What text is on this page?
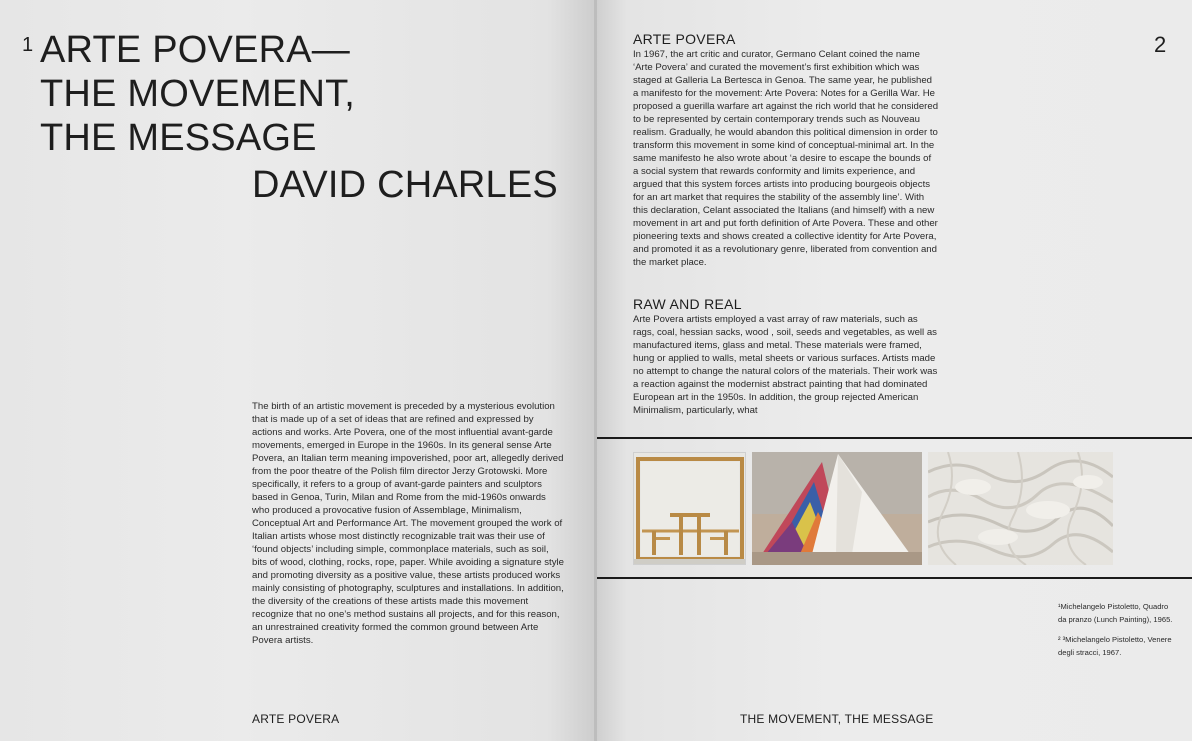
1 ARTE POVERA—
THE MOVEMENT,
THE MESSAGE
DAVID CHARLES

The birth of an artistic movement is preceded by a mysterious evolution that is made up of a set of ideas that are refined and expressed by actions and works. Arte Povera, one of the most influential avant-garde movements, emerged in Europe in the 1960s. In its general sense Arte Povera, an Italian term meaning impoverished, poor art, allegedly derived from the poor theatre of the Polish film director Jerzy Grotowski. More specifically, it refers to a group of avant-garde painters and sculptors based in Genoa, Turin, Milan and Rome from the mid-1960s onwards who produced a provocative fusion of Assemblage, Minimalism, Conceptual Art and Performance Art. The movement grouped the work of Italian artists whose most distinctly recognizable trait was their use of ‘found objects’ including simple, commonplace materials, such as soil, bits of wood, clothing, rocks, rope, paper. While avoiding a signature style and promoting diversity as a positive value, these artists produced works mainly consisting of photography, sculptures and installations. In addition, the diversity of the creations of these artists made this movement recognize that no one’s method sustains all projects, and for this reason, an unrestrained creativity formed the common ground between Arte Povera artists.

ARTE POVERA
2
ARTE POVERA

In 1967, the art critic and curator, Germano Celant coined the name ‘Arte Povera’ and curated the movement’s first exhibition which was staged at Galleria La Bertesca in Genoa. The same year, he published a manifesto for the movement: Arte Povera: Notes for a Gerilla War. He proposed a guerilla warfare art against the rich world that he considered to be represented by certain contemporary trends such as Nouveau realism. Gradually, he would abandon this political dimension in order to transform this movement in some kind of conceptual-minimal art. In the same manifesto he also wrote about ‘a desire to escape the bounds of a social system that rewards conformity and limits experience, and argued that this system forces artists into producing bourgeois objects for an art market that requires the stability of the assembly line’. With this declaration, Celant associated the Italians (and himself) with a new movement in art and put forth definition of Arte Povera. These and other pioneering texts and shows created a collective identity for Arte Povera, and promoted it as a revolutionary genre, liberated from convention and the market place.

RAW AND REAL

Arte Povera artists employed a vast array of raw materials, such as rags, coal, hessian sacks, wood , soil, seeds and vegetables, as well as manufactured items, glass and metal. These materials were framed, hung or applied to walls, metal sheets or various surfaces. Artists made no attempt to change the natural colors of the materials. Their work was a reaction against the modernist abstract painting that had dominated European art in the 1950s. In addition, the group rejected American Minimalism, particularly, what

¹Michelangelo Pistoletto, Quadro da pranzo (Lunch Painting), 1965.

² ³Michelangelo Pistoletto, Venere degli stracci, 1967.

THE MOVEMENT, THE MESSAGE
